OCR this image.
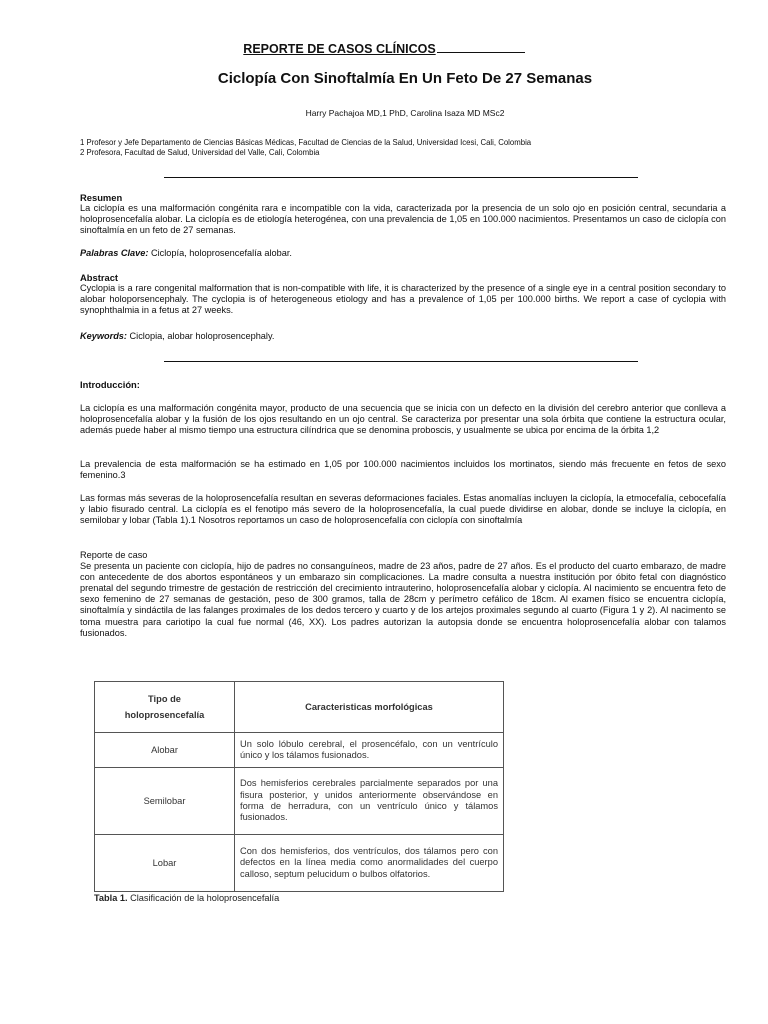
REPORTE DE CASOS CLÍNICOS
Ciclopía Con Sinoftalmía En Un Feto De 27 Semanas
Harry Pachajoa MD,1 PhD, Carolina Isaza MD MSc2
1 Profesor y Jefe Departamento de Ciencias Básicas Médicas, Facultad de Ciencias de la Salud, Universidad Icesi, Cali, Colombia
2 Profesora, Facultad de Salud, Universidad del Valle, Cali, Colombia

Resumen

La ciclopía es una malformación congénita rara e incompatible con la vida, caracterizada por la presencia de un solo ojo en posición central, secundaria a holoprosencefalía alobar. La ciclopía es de etiología heterogénea, con una prevalencia de 1,05 en 100.000 nacimientos. Presentamos un caso de ciclopía con sinoftalmía en un feto de 27 semanas.

Palabras Clave: Ciclopía, holoprosencefalía alobar.

Abstract

Cyclopia is a rare congenital malformation that is non-compatible with life, it is characterized by the presence of a single eye in a central position secondary to alobar holoporsencephaly. The cyclopia is of heterogeneous etiology and has a prevalence of 1,05 per 100.000 births. We report a case of cyclopia with synophthalmia in a fetus at 27 weeks.

Keywords: Ciclopia, alobar holoprosencephaly.

Introducción:

La ciclopía es una malformación congénita mayor, producto de una secuencia que se inicia con un defecto en la división del cerebro anterior que conlleva a holoprosencefalía alobar y la fusión de los ojos resultando en un ojo central. Se caracteriza por presentar una sola órbita que contiene la estructura ocular, además puede haber al mismo tiempo una estructura cilíndrica que se denomina proboscis, y usualmente se ubica por encima de la órbita 1,2

La prevalencia de esta malformación se ha estimado en 1,05 por 100.000 nacimientos incluidos los mortinatos, siendo más frecuente en fetos de sexo femenino.3

Las formas más severas de la holoprosencefalía resultan en severas deformaciones faciales. Estas anomalías incluyen la ciclopía, la etmocefalía, cebocefalía y labio fisurado central. La ciclopía es el fenotipo más severo de la holoprosencefalía, la cual puede dividirse en alobar, donde se incluye la ciclopía, en semilobar y lobar (Tabla 1).1 Nosotros reportamos un caso de holoprosencefalía con ciclopía con sinoftalmía

Reporte de caso

Se presenta un paciente con ciclopía, hijo de padres no consanguíneos, madre de 23 años, padre de 27 años. Es el producto del cuarto embarazo, de madre con antecedente de dos abortos espontáneos y un embarazo sin complicaciones. La madre consulta a nuestra institución por óbito fetal con diagnóstico prenatal del segundo trimestre de gestación de restricción del crecimiento intrauterino, holoprosencefalía alobar y ciclopía. Al nacimiento se encuentra feto de sexo femenino de 27 semanas de gestación, peso de 300 gramos, talla de 28cm y perímetro cefálico de 18cm. Al examen físico se encuentra ciclopía, sinoftalmía y sindáctila de las falanges proximales de los dedos tercero y cuarto y de los artejos proximales segundo al cuarto (Figura 1 y 2). Al nacimento se toma muestra para cariotipo la cual fue normal (46, XX). Los padres autorizan la autopsia donde se encuentra holoprosencefalía alobar con talamos fusionados.

Tipo de
holoprosencefalía	Caracteristicas morfológicas
Alobar	Un solo lóbulo cerebral, el prosencéfalo, con un ventrículo único y los tálamos fusionados.
Semilobar	Dos hemisferios cerebrales parcialmente separados por una fisura posterior, y unidos anteriormente observándose en forma de herradura, con un ventrículo único y tálamos fusionados.
Lobar	Con dos hemisferios, dos ventrículos, dos tálamos pero con defectos en la línea media como anormalidades del cuerpo calloso, septum pelucidum o bulbos olfatorios.
Tabla 1. Clasificación de la holoprosencefalía
